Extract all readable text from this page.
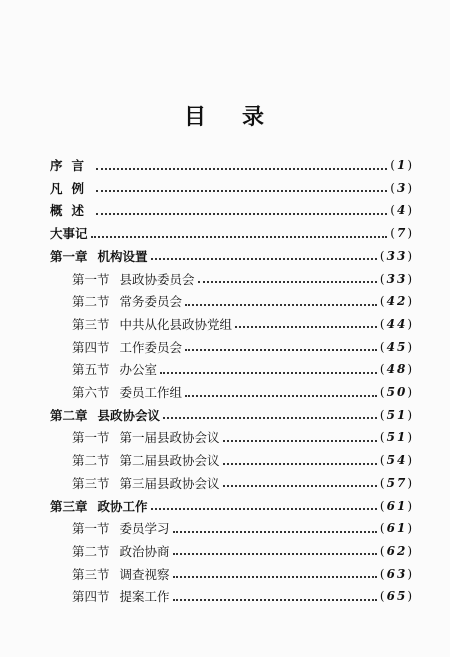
目 录
序言	(1)
凡例	(3)
概述	(4)
大事记	(7)
第一章 机构设置	(33)
第一节 县政协委员会	(33)
第二节 常务委员会	(42)
第三节 中共从化县政协党组	(44)
第四节 工作委员会	(45)
第五节 办公室	(48)
第六节 委员工作组	(50)
第二章 县政协会议	(51)
第一节 第一届县政协会议	(51)
第二节 第二届县政协会议	(54)
第三节 第三届县政协会议	(57)
第三章 政协工作	(61)
第一节 委员学习	(61)
第二节 政治协商	(62)
第三节 调查视察	(63)
第四节 提案工作	(65)
